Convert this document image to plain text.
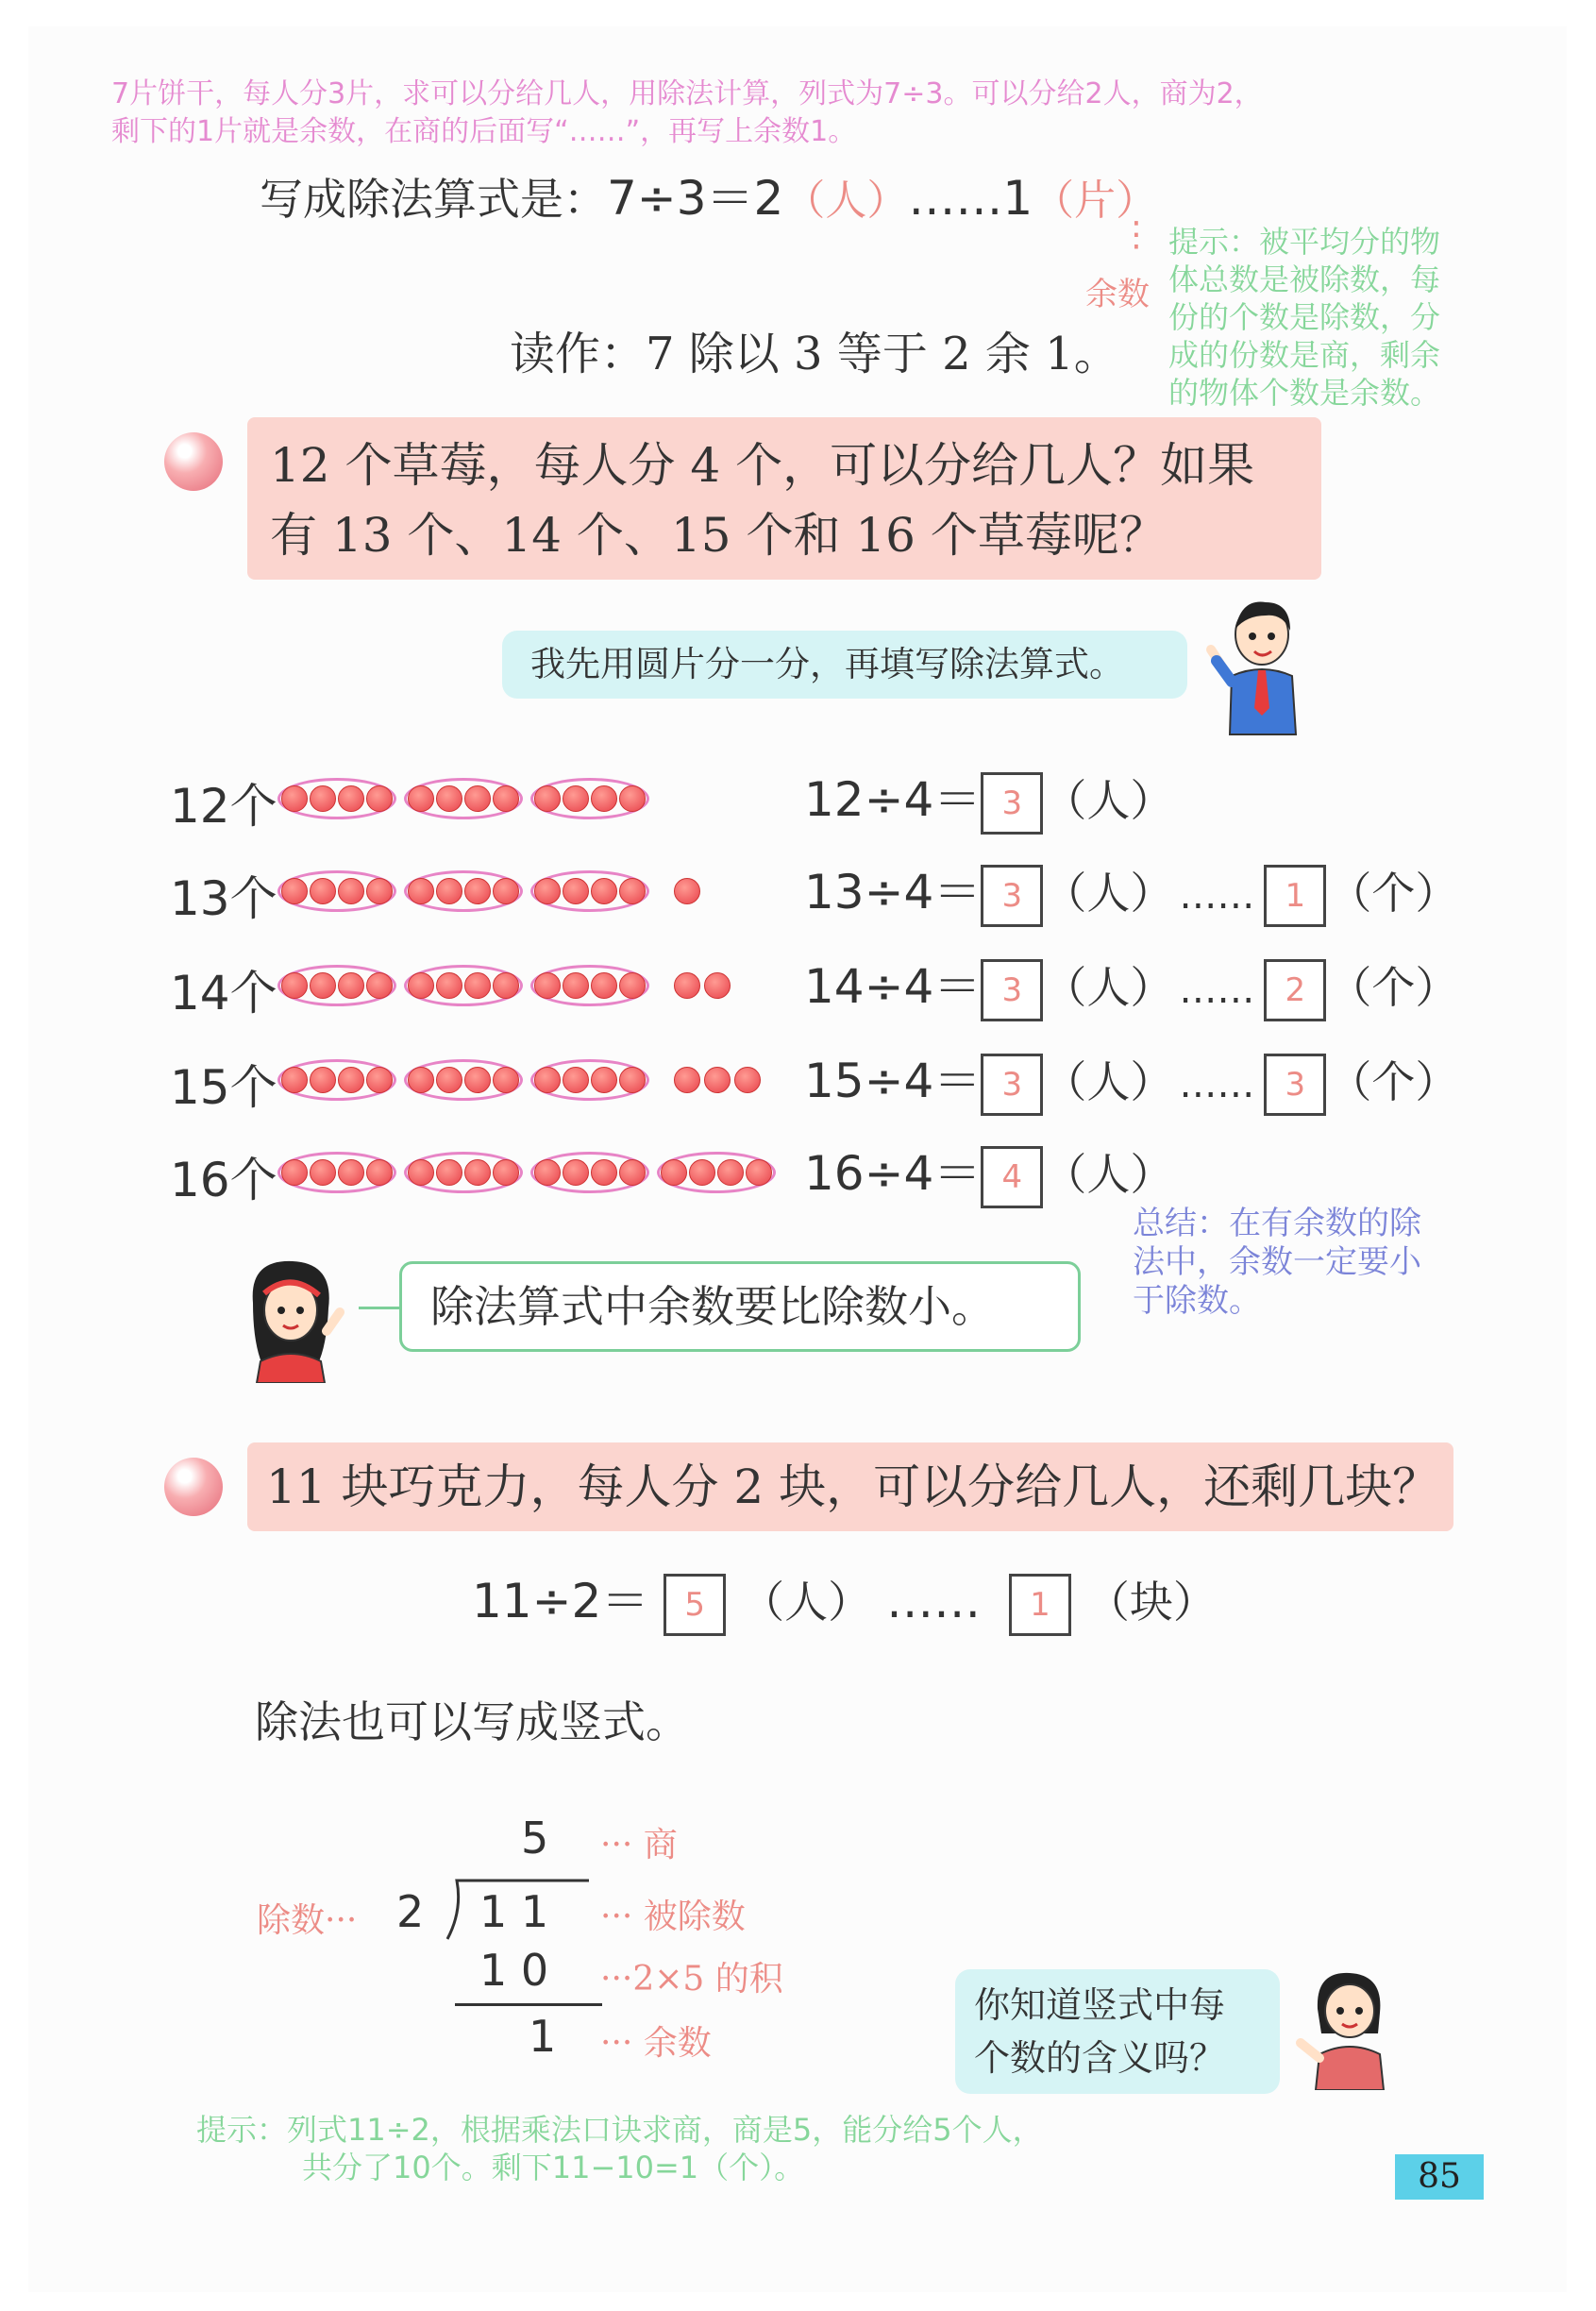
7片饼干，每人分3片，求可以分给几人，用除法计算，列式为7÷3。可以分给2人，商为2，
剩下的1片就是余数，在商的后面写“……”，再写上余数1。
写成除法算式是：7÷3＝2（人）……1（片）
⋮
余数
提示：被平均分的物
体总数是被除数，每
份的个数是除数，分
成的份数是商，剩余
的物体个数是余数。
读作：7 除以 3 等于 2 余 1。
12 个草莓，每人分 4 个，可以分给几人？如果
有 13 个、14 个、15 个和 16 个草莓呢？
我先用圆片分一分，再填写除法算式。
12个	12÷4＝ 3 （人）
13个	13÷4＝ 3 （人） …… 1 （个）
14个	14÷4＝ 3 （人） …… 2 （个）
15个	15÷4＝ 3 （人） …… 3 （个）
16个	16÷4＝ 4 （人）
总结：在有余数的除
法中，余数一定要小
于除数。
除法算式中余数要比除数小。
11 块巧克力，每人分 2 块，可以分给几人，还剩几块？
11÷2＝ 5 （人） …… 1 （块）
除法也可以写成竖式。
5 ··· 商
除数··· 2 1 1 ··· 被除数
1 0 ···2×5 的积
1 ··· 余数
你知道竖式中每
个数的含义吗？
提示：列式11÷2，根据乘法口诀求商，商是5，能分给5个人，
共分了10个。剩下11−10=1（个）。	85
